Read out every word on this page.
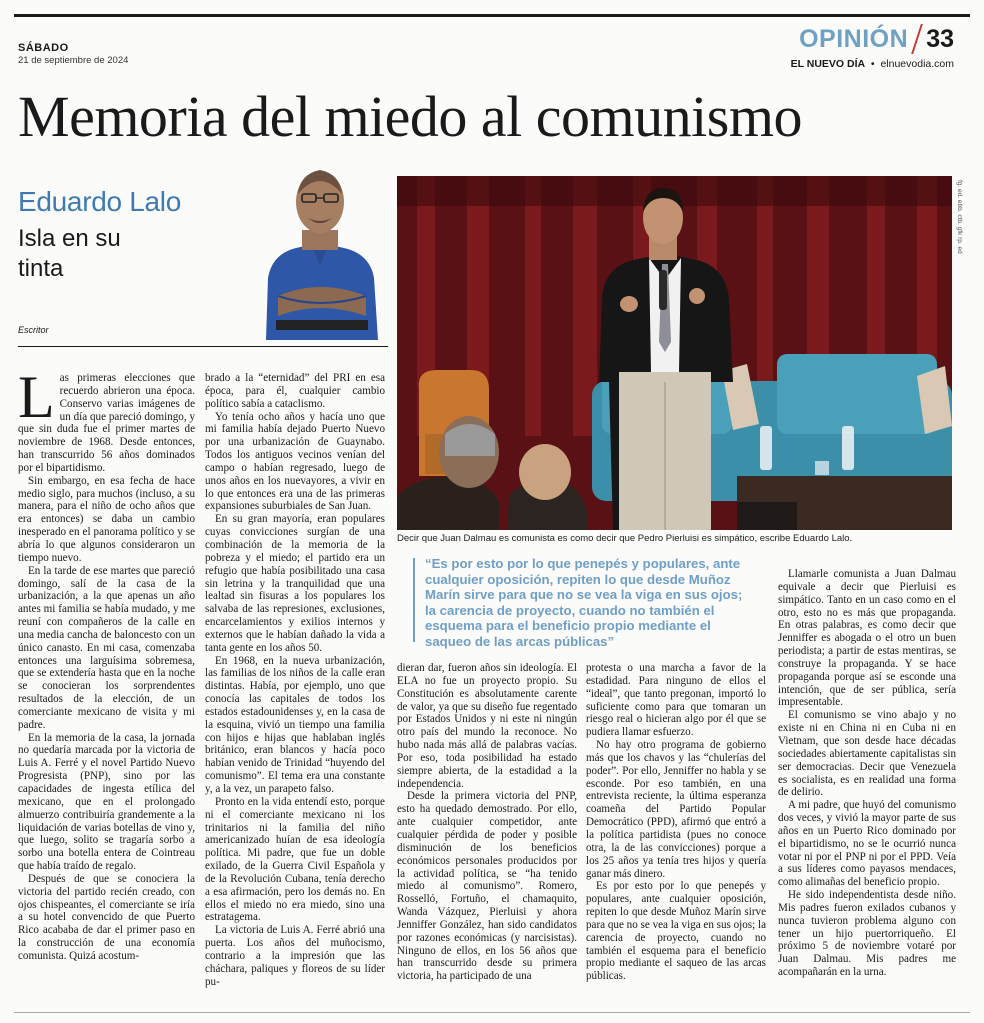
SÁBADO
21 de septiembre de 2024
OPINIÓN 33
EL NUEVO DÍA  •  elnuevodia.com
Memoria del miedo al comunismo
Eduardo Lalo
Isla en su tinta
Escritor
fg. ed. ebb. ctb. gfk rp. ed
Decir que Juan Dalmau es comunista es como decir que Pedro Pierluisi es simpático, escribe Eduardo Lalo.
“Es por esto por lo que penepés y populares, ante cualquier oposición, repiten lo que desde Muñoz Marín sirve para que no se vea la viga en sus ojos; la carencia de proyecto, cuando no también el esquema para el beneficio propio mediante el saqueo de las arcas públicas”

Las primeras elecciones que recuerdo abrieron una época. Conservo varias imágenes de un día que pareció domingo, y que sin duda fue el primer martes de noviembre de 1968. Desde entonces, han transcurrido 56 años dominados por el bipartidismo.

Sin embargo, en esa fecha de hace medio siglo, para muchos (incluso, a su manera, para el niño de ocho años que era entonces) se daba un cambio inesperado en el panorama político y se abría lo que algunos consideraron un tiempo nuevo.

En la tarde de ese martes que pareció domingo, salí de la casa de la urbanización, a la que apenas un año antes mi familia se había mudado, y me reuní con compañeros de la calle en una media cancha de baloncesto con un único canasto. En mi casa, comenzaba entonces una larguísima sobremesa, que se extendería hasta que en la noche se conocieran los sorprendentes resultados de la elección, de un comerciante mexicano de visita y mi padre.

En la memoria de la casa, la jornada no quedaría marcada por la victoria de Luis A. Ferré y el novel Partido Nuevo Progresista (PNP), sino por las capacidades de ingesta etílica del mexicano, que en el prolongado almuerzo contribuiría grandemente a la liquidación de varias botellas de vino y, que luego, solito se tragaría sorbo a sorbo una botella entera de Cointreau que había traído de regalo.

Después de que se conociera la victoria del partido recién creado, con ojos chispeantes, el comerciante se iría a su hotel convencido de que Puerto Rico acababa de dar el primer paso en la construcción de una economía comunista. Quizá acostum-

brado a la “eternidad” del PRI en esa época, para él, cualquier cambio político sabía a cataclismo.

Yo tenía ocho años y hacía uno que mi familia había dejado Puerto Nuevo por una urbanización de Guaynabo. Todos los antiguos vecinos venían del campo o habían regresado, luego de unos años en los nuevayores, a vivir en lo que entonces era una de las primeras expansiones suburbiales de San Juan.

En su gran mayoría, eran populares cuyas convicciones surgían de una combinación de la memoria de la pobreza y el miedo; el partido era un refugio que había posibilitado una casa sin letrina y la tranquilidad que una lealtad sin fisuras a los populares los salvaba de las represiones, exclusiones, encarcelamientos y exilios internos y externos que le habían dañado la vida a tanta gente en los años 50.

En 1968, en la nueva urbanización, las familias de los niños de la calle eran distintas. Había, por ejemplo, uno que conocía las capitales de todos los estados estadounidenses y, en la casa de la esquina, vivió un tiempo una familia con hijos e hijas que hablaban inglés británico, eran blancos y hacía poco habían venido de Trinidad “huyendo del comunismo”. El tema era una constante y, a la vez, un parapeto falso.

Pronto en la vida entendí esto, porque ni el comerciante mexicano ni los trinitarios ni la familia del niño americanizado huían de esa ideología política. Mi padre, que fue un doble exilado, de la Guerra Civil Española y de la Revolución Cubana, tenía derecho a esa afirmación, pero los demás no. En ellos el miedo no era miedo, sino una estratagema.

La victoria de Luis A. Ferré abrió una puerta. Los años del muñocismo, contrario a la impresión que las cháchara, paliques y floreos de su líder pu-

dieran dar, fueron años sin ideología. El ELA no fue un proyecto propio. Su Constitución es absolutamente carente de valor, ya que su diseño fue regentado por Estados Unidos y ni este ni ningún otro país del mundo la reconoce. No hubo nada más allá de palabras vacías. Por eso, toda posibilidad ha estado siempre abierta, de la estadidad a la independencia.

Desde la primera victoria del PNP, esto ha quedado demostrado. Por ello, ante cualquier competidor, ante cualquier pérdida de poder y posible disminución de los beneficios económicos personales producidos por la actividad política, se “ha tenido miedo al comunismo”. Romero, Rosselló, Fortuño, el chamaquito, Wanda Vázquez, Pierluisi y ahora Jenniffer González, han sido candidatos por razones económicas (y narcisistas). Ninguno de ellos, en los 56 años que han transcurrido desde su primera victoria, ha participado de una

protesta o una marcha a favor de la estadidad. Para ninguno de ellos el “ideal”, que tanto pregonan, importó lo suficiente como para que tomaran un riesgo real o hicieran algo por él que se pudiera llamar esfuerzo.

No hay otro programa de gobierno más que los chavos y las “chulerías del poder”. Por ello, Jenniffer no habla y se esconde. Por eso también, en una entrevista reciente, la última esperanza coameña del Partido Popular Democrático (PPD), afirmó que entró a la política partidista (pues no conoce otra, la de las convicciones) porque a los 25 años ya tenía tres hijos y quería ganar más dinero.

Es por esto por lo que penepés y populares, ante cualquier oposición, repiten lo que desde Muñoz Marín sirve para que no se vea la viga en sus ojos; la carencia de proyecto, cuando no también el esquema para el beneficio propio mediante el saqueo de las arcas públicas.

Llamarle comunista a Juan Dalmau equivale a decir que Pierluisi es simpático. Tanto en un caso como en el otro, esto no es más que propaganda. En otras palabras, es como decir que Jenniffer es abogada o el otro un buen periodista; a partir de estas mentiras, se construye la propaganda. Y se hace propaganda porque así se esconde una intención, que de ser pública, sería impresentable.

El comunismo se vino abajo y no existe ni en China ni en Cuba ni en Vietnam, que son desde hace décadas sociedades abiertamente capitalistas sin ser democracias. Decir que Venezuela es socialista, es en realidad una forma de delirio.

A mi padre, que huyó del comunismo dos veces, y vivió la mayor parte de sus años en un Puerto Rico dominado por el bipartidismo, no se le ocurrió nunca votar ni por el PNP ni por el PPD. Veía a sus líderes como payasos mendaces, como alimañas del beneficio propio.

He sido independentista desde niño. Mis padres fueron exilados cubanos y nunca tuvieron problema alguno con tener un hijo puertorriqueño. El próximo 5 de noviembre votaré por Juan Dalmau. Mis padres me acompañarán en la urna.
